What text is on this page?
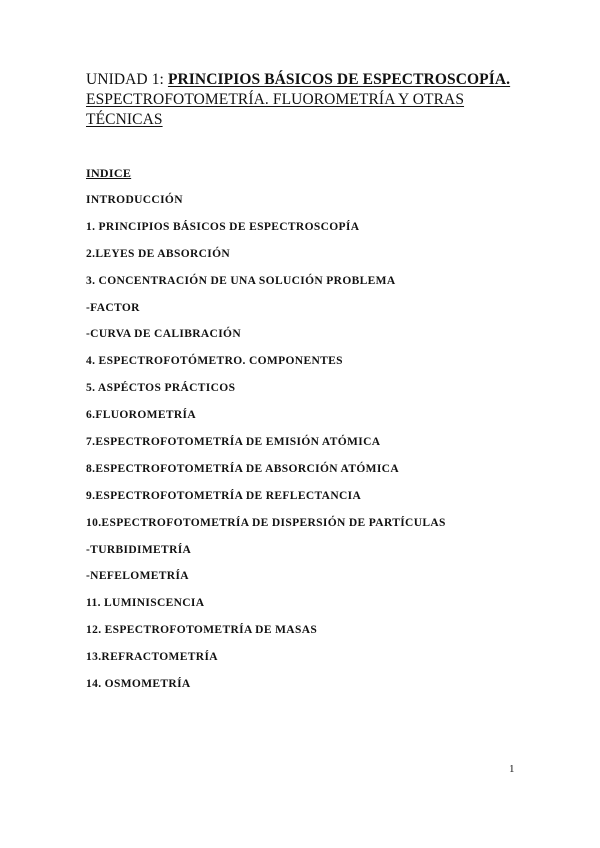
UNIDAD 1: PRINCIPIOS BÁSICOS DE ESPECTROSCOPÍA.
ESPECTROFOTOMETRÍA. FLUOROMETRÍA Y OTRAS
TÉCNICAS
INDICE
INTRODUCCIÓN
1. PRINCIPIOS BÁSICOS DE ESPECTROSCOPÍA
2.LEYES DE ABSORCIÓN
3. CONCENTRACIÓN DE UNA SOLUCIÓN PROBLEMA
-FACTOR
-CURVA DE CALIBRACIÓN
4. ESPECTROFOTÓMETRO. COMPONENTES
5. ASPÉCTOS PRÁCTICOS
6.FLUOROMETRÍA
7.ESPECTROFOTOMETRÍA DE EMISIÓN ATÓMICA
8.ESPECTROFOTOMETRÍA DE ABSORCIÓN ATÓMICA
9.ESPECTROFOTOMETRÍA DE REFLECTANCIA
10.ESPECTROFOTOMETRÍA DE DISPERSIÓN DE PARTÍCULAS
-TURBIDIMETRÍA
-NEFELOMETRÍA
11. LUMINISCENCIA
12. ESPECTROFOTOMETRÍA DE MASAS
13.REFRACTOMETRÍA
14. OSMOMETRÍA
1
